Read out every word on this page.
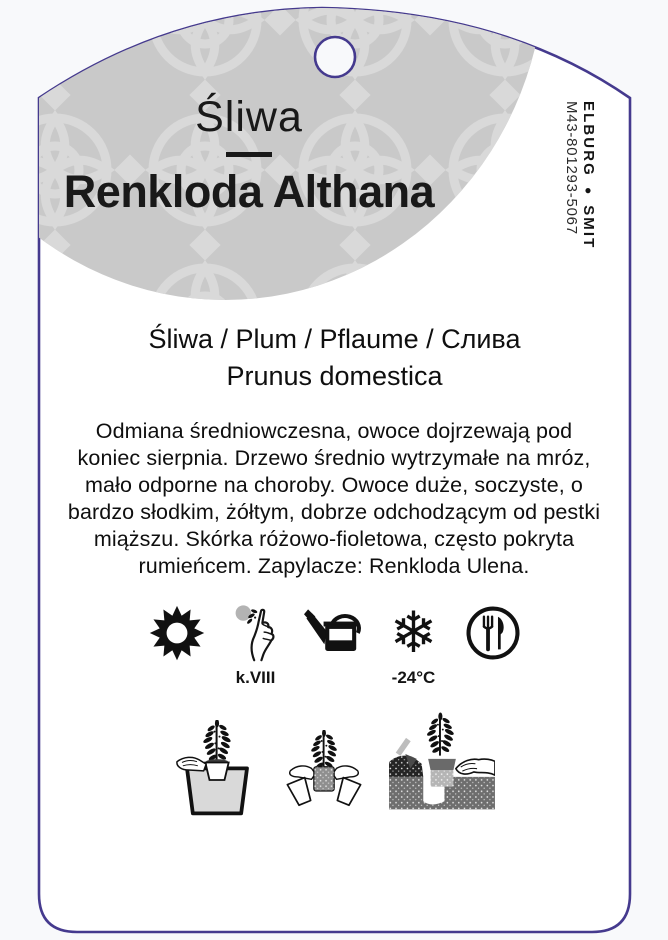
ELBURG ● SMIT
M43-801293-5067
Śliwa
Renkloda Althana
Śliwa / Plum / Pflaume / Слива
Prunus domestica
Odmiana średniowczesna, owoce dojrzewają pod
koniec sierpnia. Drzewo średnio wytrzymałe na mróz,
mało odporne na choroby. Owoce duże, soczyste, o
bardzo słodkim, żółtym, dobrze odchodzącym od pestki
miąższu. Skórka różowo-fioletowa, często pokryta
rumieńcem. Zapylacze: Renkloda Ulena.
k.VIII
❄
-24°C
